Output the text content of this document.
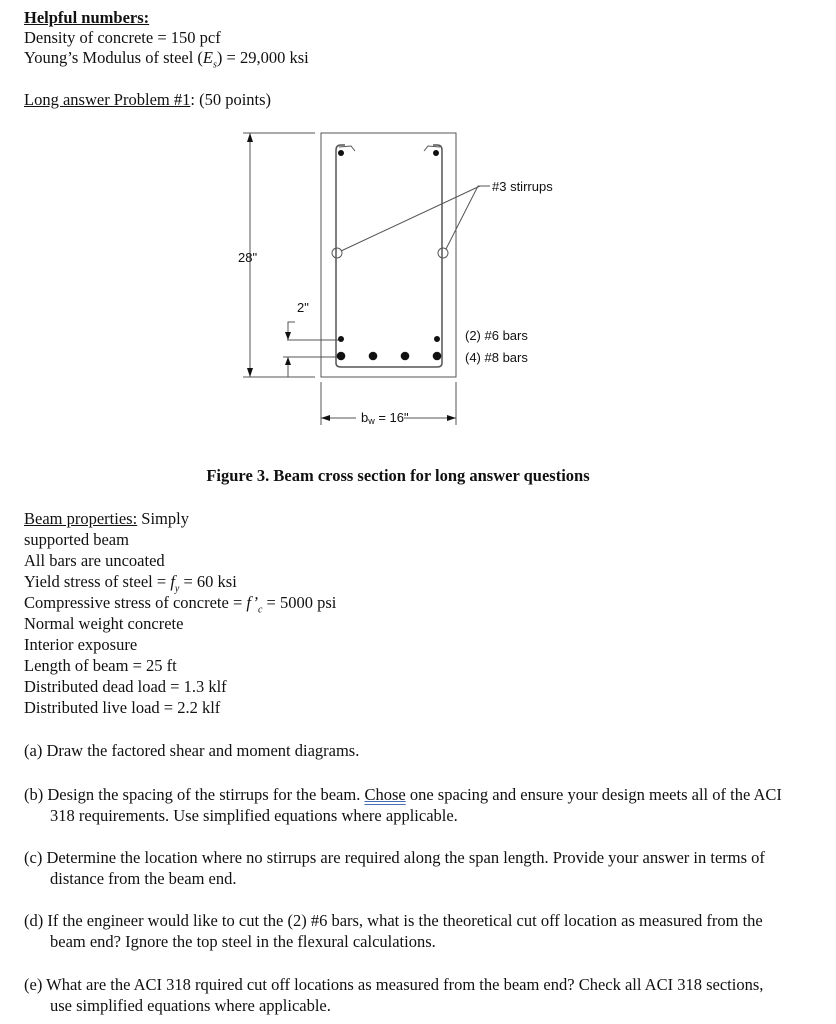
Helpful numbers:
Density of concrete = 150 pcf
Young’s Modulus of steel $(E_s) = 29,000$ ksi
Long answer Problem #1: (50 points)
28"
2"
#3 stirrups
(2) #6 bars
(4) #8 bars
bw = 16"
Figure 3. Beam cross section for long answer questions
Beam properties: Simply
supported beam
All bars are uncoated
Yield stress of steel = $f_y = 60$ ksi
Compressive stress of concrete = $f’_c = 5000$ psi
Normal weight concrete
Interior exposure
Length of beam = 25 ft
Distributed dead load = 1.3 klf
Distributed live load = 2.2 klf
(a) Draw the factored shear and moment diagrams.
(b) Design the spacing of the stirrups for the beam. Chose one spacing and ensure your design meets all of the ACI 318 requirements. Use simplified equations where applicable.
(c) Determine the location where no stirrups are required along the span length. Provide your answer in terms of distance from the beam end.
(d) If the engineer would like to cut the (2) #6 bars, what is the theoretical cut off location as measured from the beam end? Ignore the top steel in the flexural calculations.
(e) What are the ACI 318 rquired cut off locations as measured from the beam end? Check all ACI 318 sections, use simplified equations where applicable.
